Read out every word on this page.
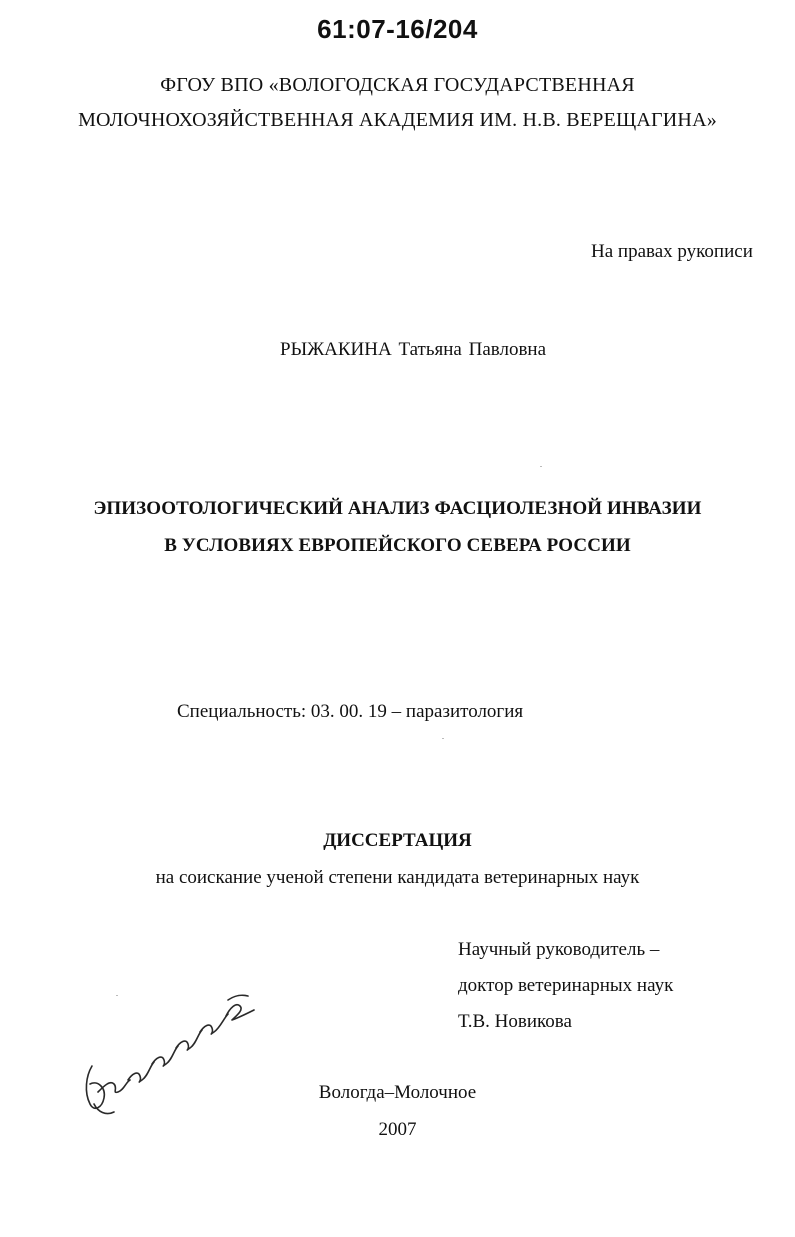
61:07-16/204
ФГОУ ВПО «ВОЛОГОДСКАЯ ГОСУДАРСТВЕННАЯ
МОЛОЧНОХОЗЯЙСТВЕННАЯ АКАДЕМИЯ ИМ. Н.В. ВЕРЕЩАГИНА»
На правах рукописи
РЫЖАКИНА Татьяна Павловна
ЭПИЗООТОЛОГИЧЕСКИЙ АНАЛИЗ ФАСЦИОЛЕЗНОЙ ИНВАЗИИ
В УСЛОВИЯХ ЕВРОПЕЙСКОГО СЕВЕРА РОССИИ
Специальность: 03. 00. 19 – паразитология
ДИССЕРТАЦИЯ
на соискание ученой степени кандидата ветеринарных наук
Научный руководитель –
доктор ветеринарных наук
Т.В. Новикова
Вологда–Молочное
2007
